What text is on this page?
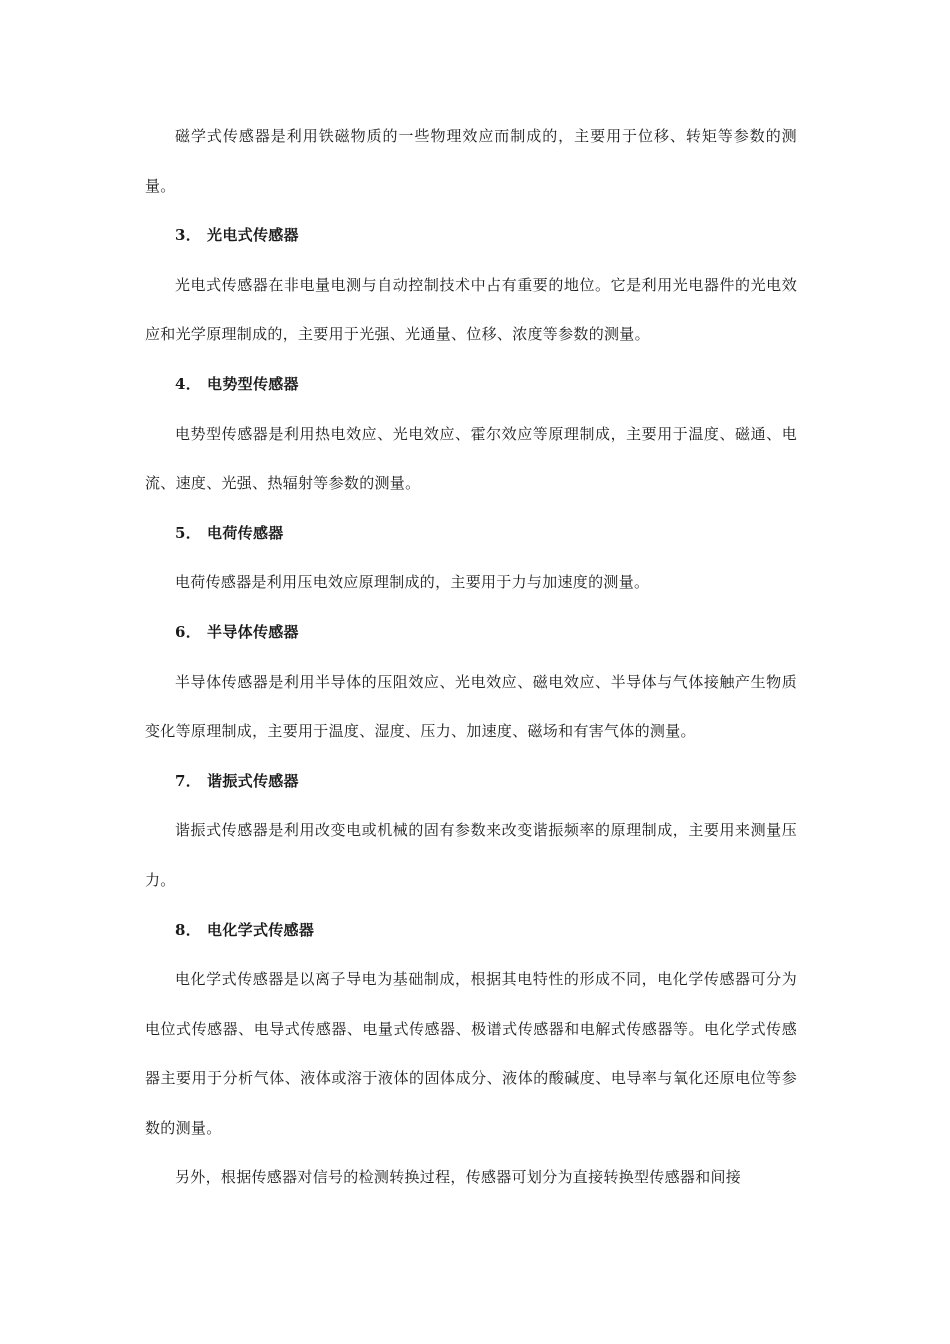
磁学式传感器是利用铁磁物质的一些物理效应而制成的，主要用于位移、转矩等参数的测量。

3． 光电式传感器

光电式传感器在非电量电测与自动控制技术中占有重要的地位。它是利用光电器件的光电效应和光学原理制成的，主要用于光强、光通量、位移、浓度等参数的测量。

4． 电势型传感器

电势型传感器是利用热电效应、光电效应、霍尔效应等原理制成，主要用于温度、磁通、电流、速度、光强、热辐射等参数的测量。

5． 电荷传感器

电荷传感器是利用压电效应原理制成的，主要用于力与加速度的测量。

6． 半导体传感器

半导体传感器是利用半导体的压阻效应、光电效应、磁电效应、半导体与气体接触产生物质变化等原理制成，主要用于温度、湿度、压力、加速度、磁场和有害气体的测量。

7． 谐振式传感器

谐振式传感器是利用改变电或机械的固有参数来改变谐振频率的原理制成，主要用来测量压力。

8． 电化学式传感器

电化学式传感器是以离子导电为基础制成，根据其电特性的形成不同，电化学传感器可分为电位式传感器、电导式传感器、电量式传感器、极谱式传感器和电解式传感器等。电化学式传感器主要用于分析气体、液体或溶于液体的固体成分、液体的酸碱度、电导率与氧化还原电位等参数的测量。

另外，根据传感器对信号的检测转换过程，传感器可划分为直接转换型传感器和间接
